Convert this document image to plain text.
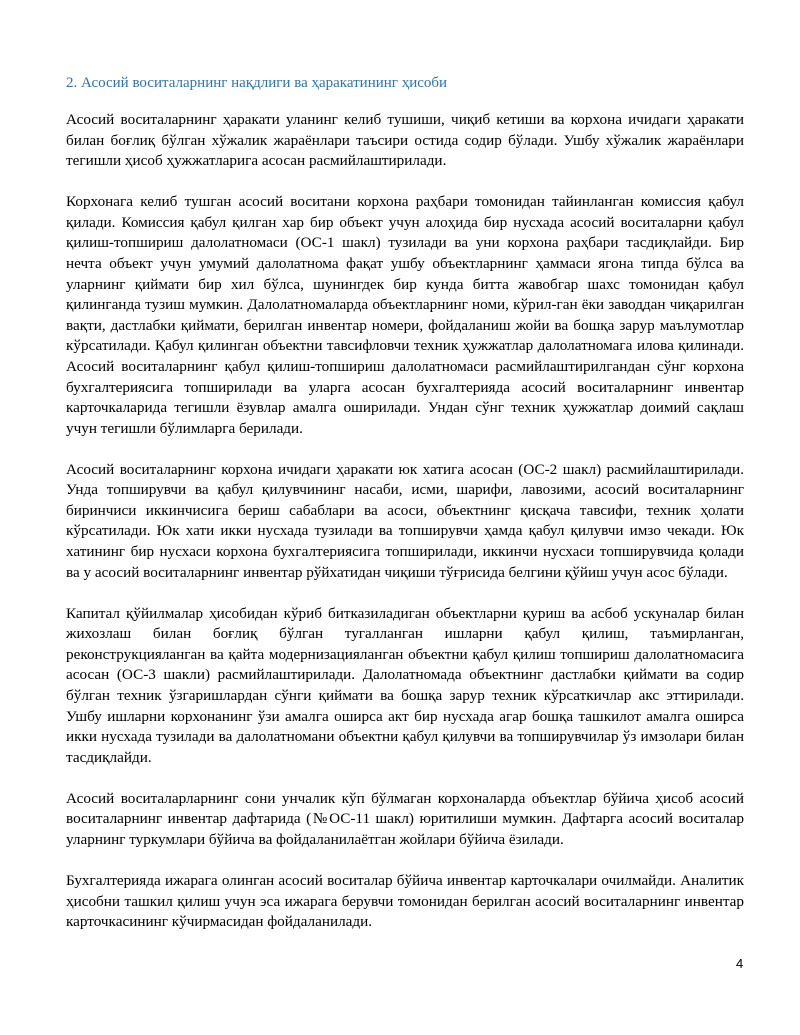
2. Асосий воситаларнинг нақдлиги ва ҳаракатининг ҳисоби

Асосий воситаларнинг ҳаракати уланинг келиб тушиши, чиқиб кетиши ва корхона ичидаги ҳаракати билан боғлиқ бўлган хўжалик жараёнлари таъсири остида содир бўлади. Ушбу хўжалик жараёнлари тегишли ҳисоб ҳужжатларига асосан расмийлаштирилади.

Корхонага келиб тушган асосий воситани корхона раҳбари томонидан тайинланган комиссия қабул қилади. Комиссия қабул қилган хар бир объект учун алоҳида бир нусхада асосий воситаларни қабул қилиш-топшириш далолатномаси (ОС-1 шакл) тузилади ва уни корхона раҳбари тасдиқлайди. Бир нечта объект учун умумий далолатнома фақат ушбу объектларнинг ҳаммаси ягона типда бўлса ва уларнинг қиймати бир хил бўлса, шунингдек бир кунда битта жавобгар шахс томонидан қабул қилинганда тузиш мумкин. Далолатномаларда объектларнинг номи, кўрил-ган ёки заводдан чиқарилган вақти, дастлабки қиймати, берилган инвентар номери, фойдаланиш жойи ва бошқа зарур маълумотлар кўрсатилади. Қабул қилинган объектни тавсифловчи техник ҳужжатлар далолатномага илова қилинади. Асосий воситаларнинг қабул қилиш-топшириш далолатномаси расмийлаштирилгандан сўнг корхона бухгалтериясига топширилади ва уларга асосан бухгалтерияда асосий воситаларнинг инвентар карточкаларида тегишли ёзувлар амалга оширилади. Ундан сўнг техник ҳужжатлар доимий сақлаш учун тегишли бўлимларга берилади.

Асосий воситаларнинг корхона ичидаги ҳаракати юк хатига асосан (ОС-2 шакл) расмийлаштирилади. Унда топширувчи ва қабул қилувчининг насаби, исми, шарифи, лавозими, асосий воситаларнинг биринчиси иккинчисига бериш сабаблари ва асоси, объектнинг қисқача тавсифи, техник ҳолати кўрсатилади. Юк хати икки нусхада тузилади ва топширувчи ҳамда қабул қилувчи имзо чекади. Юк хатининг бир нусхаси корхона бухгалтериясига топширилади, иккинчи нусхаси топширувчида қолади ва у асосий воситаларнинг инвентар рўйхатидан чиқиши тўғрисида белгини қўйиш учун асос бўлади.

Капитал қўйилмалар ҳисобидан кўриб битказиладиган объектларни қуриш ва асбоб ускуналар билан жихозлаш билан боғлиқ бўлган тугалланган ишларни қабул қилиш, таъмирланган, реконструкцияланган ва қайта модернизацияланган объектни қабул қилиш топшириш далолатномасига асосан (ОС-3 шакли) расмийлаштирилади. Далолатномада объектнинг дастлабки қиймати ва содир бўлган техник ўзгаришлардан сўнги қиймати ва бошқа зарур техник кўрсаткичлар акс эттирилади. Ушбу ишларни корхонанинг ўзи амалга оширса акт бир нусхада агар бошқа ташкилот амалга оширса икки нусхада тузилади ва далолатномани объектни қабул қилувчи ва топширувчилар ўз имзолари билан тасдиқлайди.

Асосий воситаларларнинг сони унчалик кўп бўлмаган корхоналарда объектлар бўйича ҳисоб асосий воситаларнинг инвентар дафтарида (№ОС-11 шакл) юритилиши мумкин. Дафтарга асосий воситалар уларнинг туркумлари бўйича ва фойдаланилаётган жойлари бўйича ёзилади.

Бухгалтерияда ижарага олинган асосий воситалар бўйича инвентар карточкалари очилмайди. Аналитик ҳисобни ташкил қилиш учун эса ижарага берувчи томонидан берилган асосий воситаларнинг инвентар карточкасининг кўчирмасидан фойдаланилади.

4
